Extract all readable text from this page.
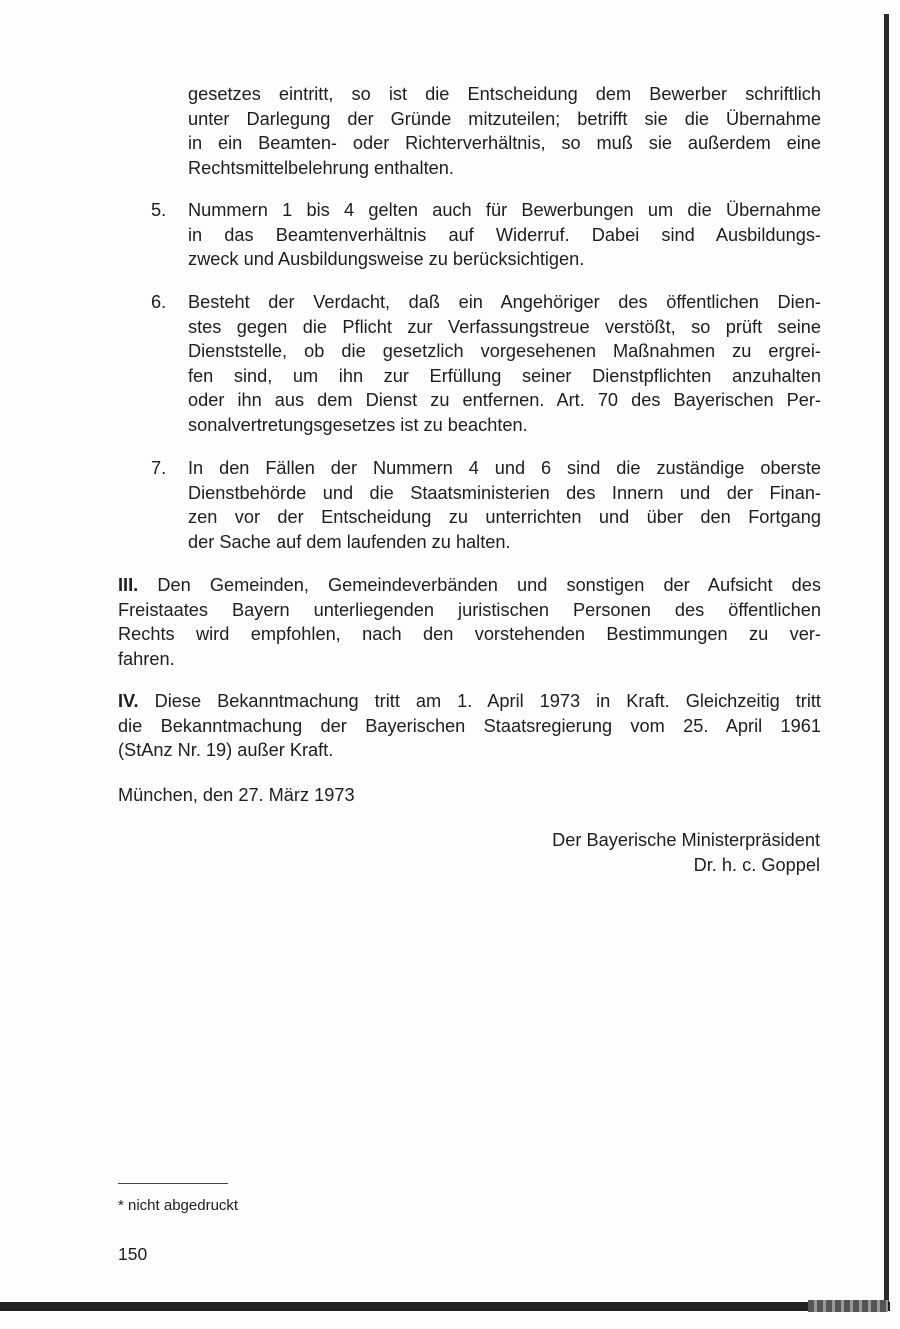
gesetzes eintritt, so ist die Entscheidung dem Bewerber schriftlich
unter Darlegung der Gründe mitzuteilen; betrifft sie die Übernahme
in ein Beamten- oder Richterverhältnis, so muß sie außerdem eine
Rechtsmittelbelehrung enthalten.
5. Nummern 1 bis 4 gelten auch für Bewerbungen um die Übernahme
in das Beamtenverhältnis auf Widerruf. Dabei sind Ausbildungs-
zweck und Ausbildungsweise zu berücksichtigen.
6. Besteht der Verdacht, daß ein Angehöriger des öffentlichen Dien-
stes gegen die Pflicht zur Verfassungstreue verstößt, so prüft seine
Dienststelle, ob die gesetzlich vorgesehenen Maßnahmen zu ergrei-
fen sind, um ihn zur Erfüllung seiner Dienstpflichten anzuhalten
oder ihn aus dem Dienst zu entfernen. Art. 70 des Bayerischen Per-
sonalvertretungsgesetzes ist zu beachten.
7. In den Fällen der Nummern 4 und 6 sind die zuständige oberste
Dienstbehörde und die Staatsministerien des Innern und der Finan-
zen vor der Entscheidung zu unterrichten und über den Fortgang
der Sache auf dem laufenden zu halten.
III. Den Gemeinden, Gemeindeverbänden und sonstigen der Aufsicht des
Freistaates Bayern unterliegenden juristischen Personen des öffentlichen
Rechts wird empfohlen, nach den vorstehenden Bestimmungen zu ver-
fahren.
IV. Diese Bekanntmachung tritt am 1. April 1973 in Kraft. Gleichzeitig tritt
die Bekanntmachung der Bayerischen Staatsregierung vom 25. April 1961
(StAnz Nr. 19) außer Kraft.
München, den 27. März 1973
Der Bayerische Ministerpräsident
Dr. h. c. Goppel
* nicht abgedruckt
150
